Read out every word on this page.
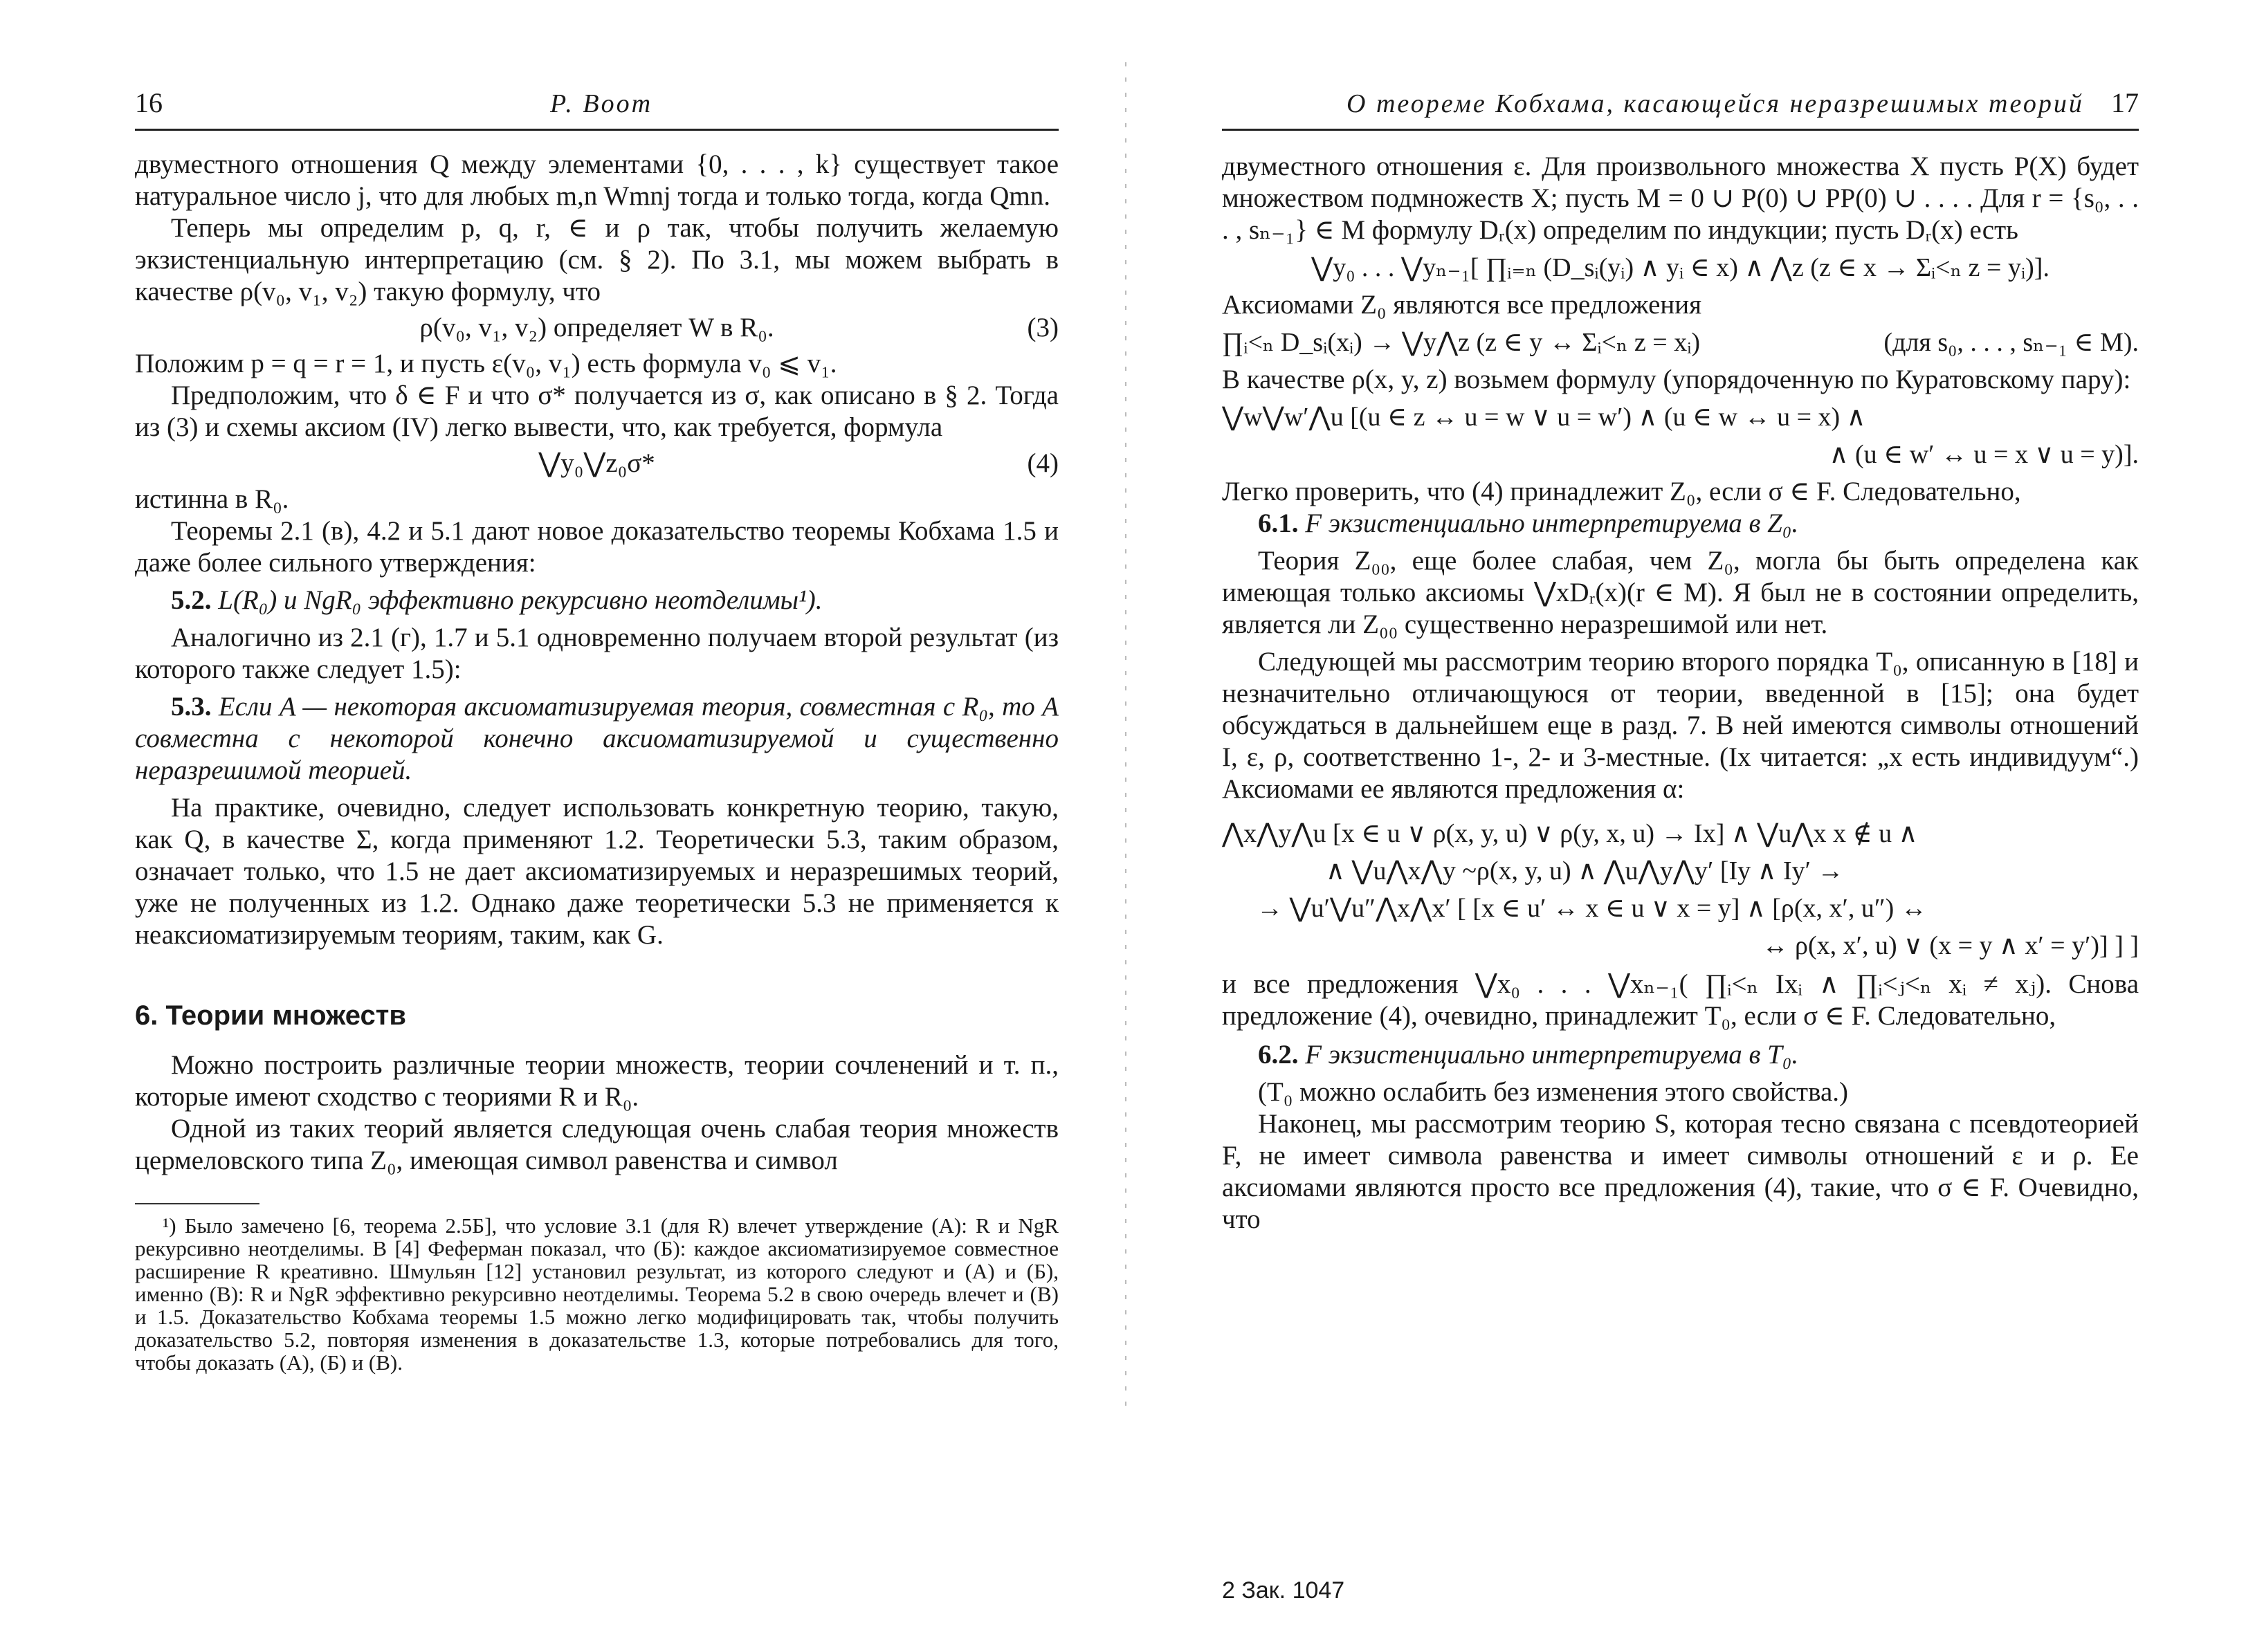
16	Р. Воот

двуместного отношения Q между элементами {0, . . . , k} существует такое натуральное число j, что для любых m,n Wmnj тогда и только тогда, когда Qmn.

Теперь мы определим p, q, r, ∈ и ρ так, чтобы получить желаемую экзистенциальную интерпретацию (см. § 2). По 3.1, мы можем выбрать в качестве ρ(v₀, v₁, v₂) такую формулу, что

ρ(v₀, v₁, v₂) определяет W в R₀.	(3)

Положим p = q = r = 1, и пусть ε(v₀, v₁) есть формула v₀ ⩽ v₁.

Предположим, что δ ∈ F и что σ* получается из σ, как описано в § 2. Тогда из (3) и схемы аксиом (IV) легко вывести, что, как требуется, формула

⋁y₀⋁z₀σ*	(4)

истинна в R₀.

Теоремы 2.1 (в), 4.2 и 5.1 дают новое доказательство теоремы Кобхама 1.5 и даже более сильного утверждения:

5.2. L(R₀) и NgR₀ эффективно рекурсивно неотделимы¹).

Аналогично из 2.1 (г), 1.7 и 5.1 одновременно получаем второй результат (из которого также следует 1.5):

5.3. Если A — некоторая аксиоматизируемая теория, совместная с R₀, то A совместна с некоторой конечно аксиоматизируемой и существенно неразрешимой теорией.

На практике, очевидно, следует использовать конкретную теорию, такую, как Q, в качестве Σ, когда применяют 1.2. Теоретически 5.3, таким образом, означает только, что 1.5 не дает аксиоматизируемых и неразрешимых теорий, уже не полученных из 1.2. Однако даже теоретически 5.3 не применяется к неаксиоматизируемым теориям, таким, как G.

6. Теории множеств

Можно построить различные теории множеств, теории сочленений и т. п., которые имеют сходство с теориями R и R₀.

Одной из таких теорий является следующая очень слабая теория множеств цермеловского типа Z₀, имеющая символ равенства и символ

¹) Было замечено [6, теорема 2.5Б], что условие 3.1 (для R) влечет утверждение (А): R и NgR рекурсивно неотделимы. В [4] Феферман показал, что (Б): каждое аксиоматизируемое совместное расширение R креативно. Шмульян [12] установил результат, из которого следуют и (А) и (Б), именно (В): R и NgR эффективно рекурсивно неотделимы. Теорема 5.2 в свою очередь влечет и (В) и 1.5. Доказательство Кобхама теоремы 1.5 можно легко модифицировать так, чтобы получить доказательство 5.2, повторяя изменения в доказательстве 1.3, которые потребовались для того, чтобы доказать (А), (Б) и (В).

О теореме Кобхама, касающейся неразрешимых теорий 17

двуместного отношения ε. Для произвольного множества X пусть P(X) будет множеством подмножеств X; пусть M = 0 ∪ P(0) ∪ PP(0) ∪ . . . . Для r = {s₀, . . . , sₙ₋₁} ∈ M формулу Dᵣ(x) определим по индукции; пусть Dᵣ(x) есть

⋁y₀ . . . ⋁yₙ₋₁[ ∏ᵢ₌ₙ (D_sᵢ(yᵢ) ∧ yᵢ ∈ x) ∧ ⋀z (z ∈ x → Σᵢ<ₙ z = yᵢ)].

Аксиомами Z₀ являются все предложения

∏ᵢ<ₙ D_sᵢ(xᵢ) → ⋁y⋀z (z ∈ y ↔ Σᵢ<ₙ z = xᵢ)	(для s₀, . . . , sₙ₋₁ ∈ M).

В качестве ρ(x, y, z) возьмем формулу (упорядоченную по Куратовскому пару):

⋁w⋁w′⋀u [(u ∈ z ↔ u = w ∨ u = w′) ∧ (u ∈ w ↔ u = x) ∧
∧ (u ∈ w′ ↔ u = x ∨ u = y)].

Легко проверить, что (4) принадлежит Z₀, если σ ∈ F. Следовательно,

6.1. F экзистенциально интерпретируема в Z₀.

Теория Z₀₀, еще более слабая, чем Z₀, могла бы быть определена как имеющая только аксиомы ⋁xDᵣ(x)(r ∈ M). Я был не в состоянии определить, является ли Z₀₀ существенно неразрешимой или нет.

Следующей мы рассмотрим теорию второго порядка T₀, описанную в [18] и незначительно отличающуюся от теории, введенной в [15]; она будет обсуждаться в дальнейшем еще в разд. 7. В ней имеются символы отношений I, ε, ρ, соответственно 1-, 2- и 3-местные. (Ix читается: „x есть индивидуум“.) Аксиомами ее являются предложения α:

⋀x⋀y⋀u [x ∈ u ∨ ρ(x, y, u) ∨ ρ(y, x, u) → Ix] ∧ ⋁u⋀x x ∉ u ∧
∧ ⋁u⋀x⋀y ~ρ(x, y, u) ∧ ⋀u⋀y⋀y′ [Iy ∧ Iy′ →
→ ⋁u′⋁u″⋀x⋀x′ [ [x ∈ u′ ↔ x ∈ u ∨ x = y] ∧ [ρ(x, x′, u″) ↔
↔ ρ(x, x′, u) ∨ (x = y ∧ x′ = y′)] ] ]

и все предложения ⋁x₀ . . . ⋁xₙ₋₁( ∏ᵢ<ₙ Ixᵢ ∧ ∏ᵢ<ⱼ<ₙ xᵢ ≠ xⱼ). Снова предложение (4), очевидно, принадлежит T₀, если σ ∈ F. Следовательно,

6.2. F экзистенциально интерпретируема в T₀.

(T₀ можно ослабить без изменения этого свойства.)

Наконец, мы рассмотрим теорию S, которая тесно связана с псевдотеорией F, не имеет символа равенства и имеет символы отношений ε и ρ. Ее аксиомами являются просто все предложения (4), такие, что σ ∈ F. Очевидно, что

2 Зак. 1047
